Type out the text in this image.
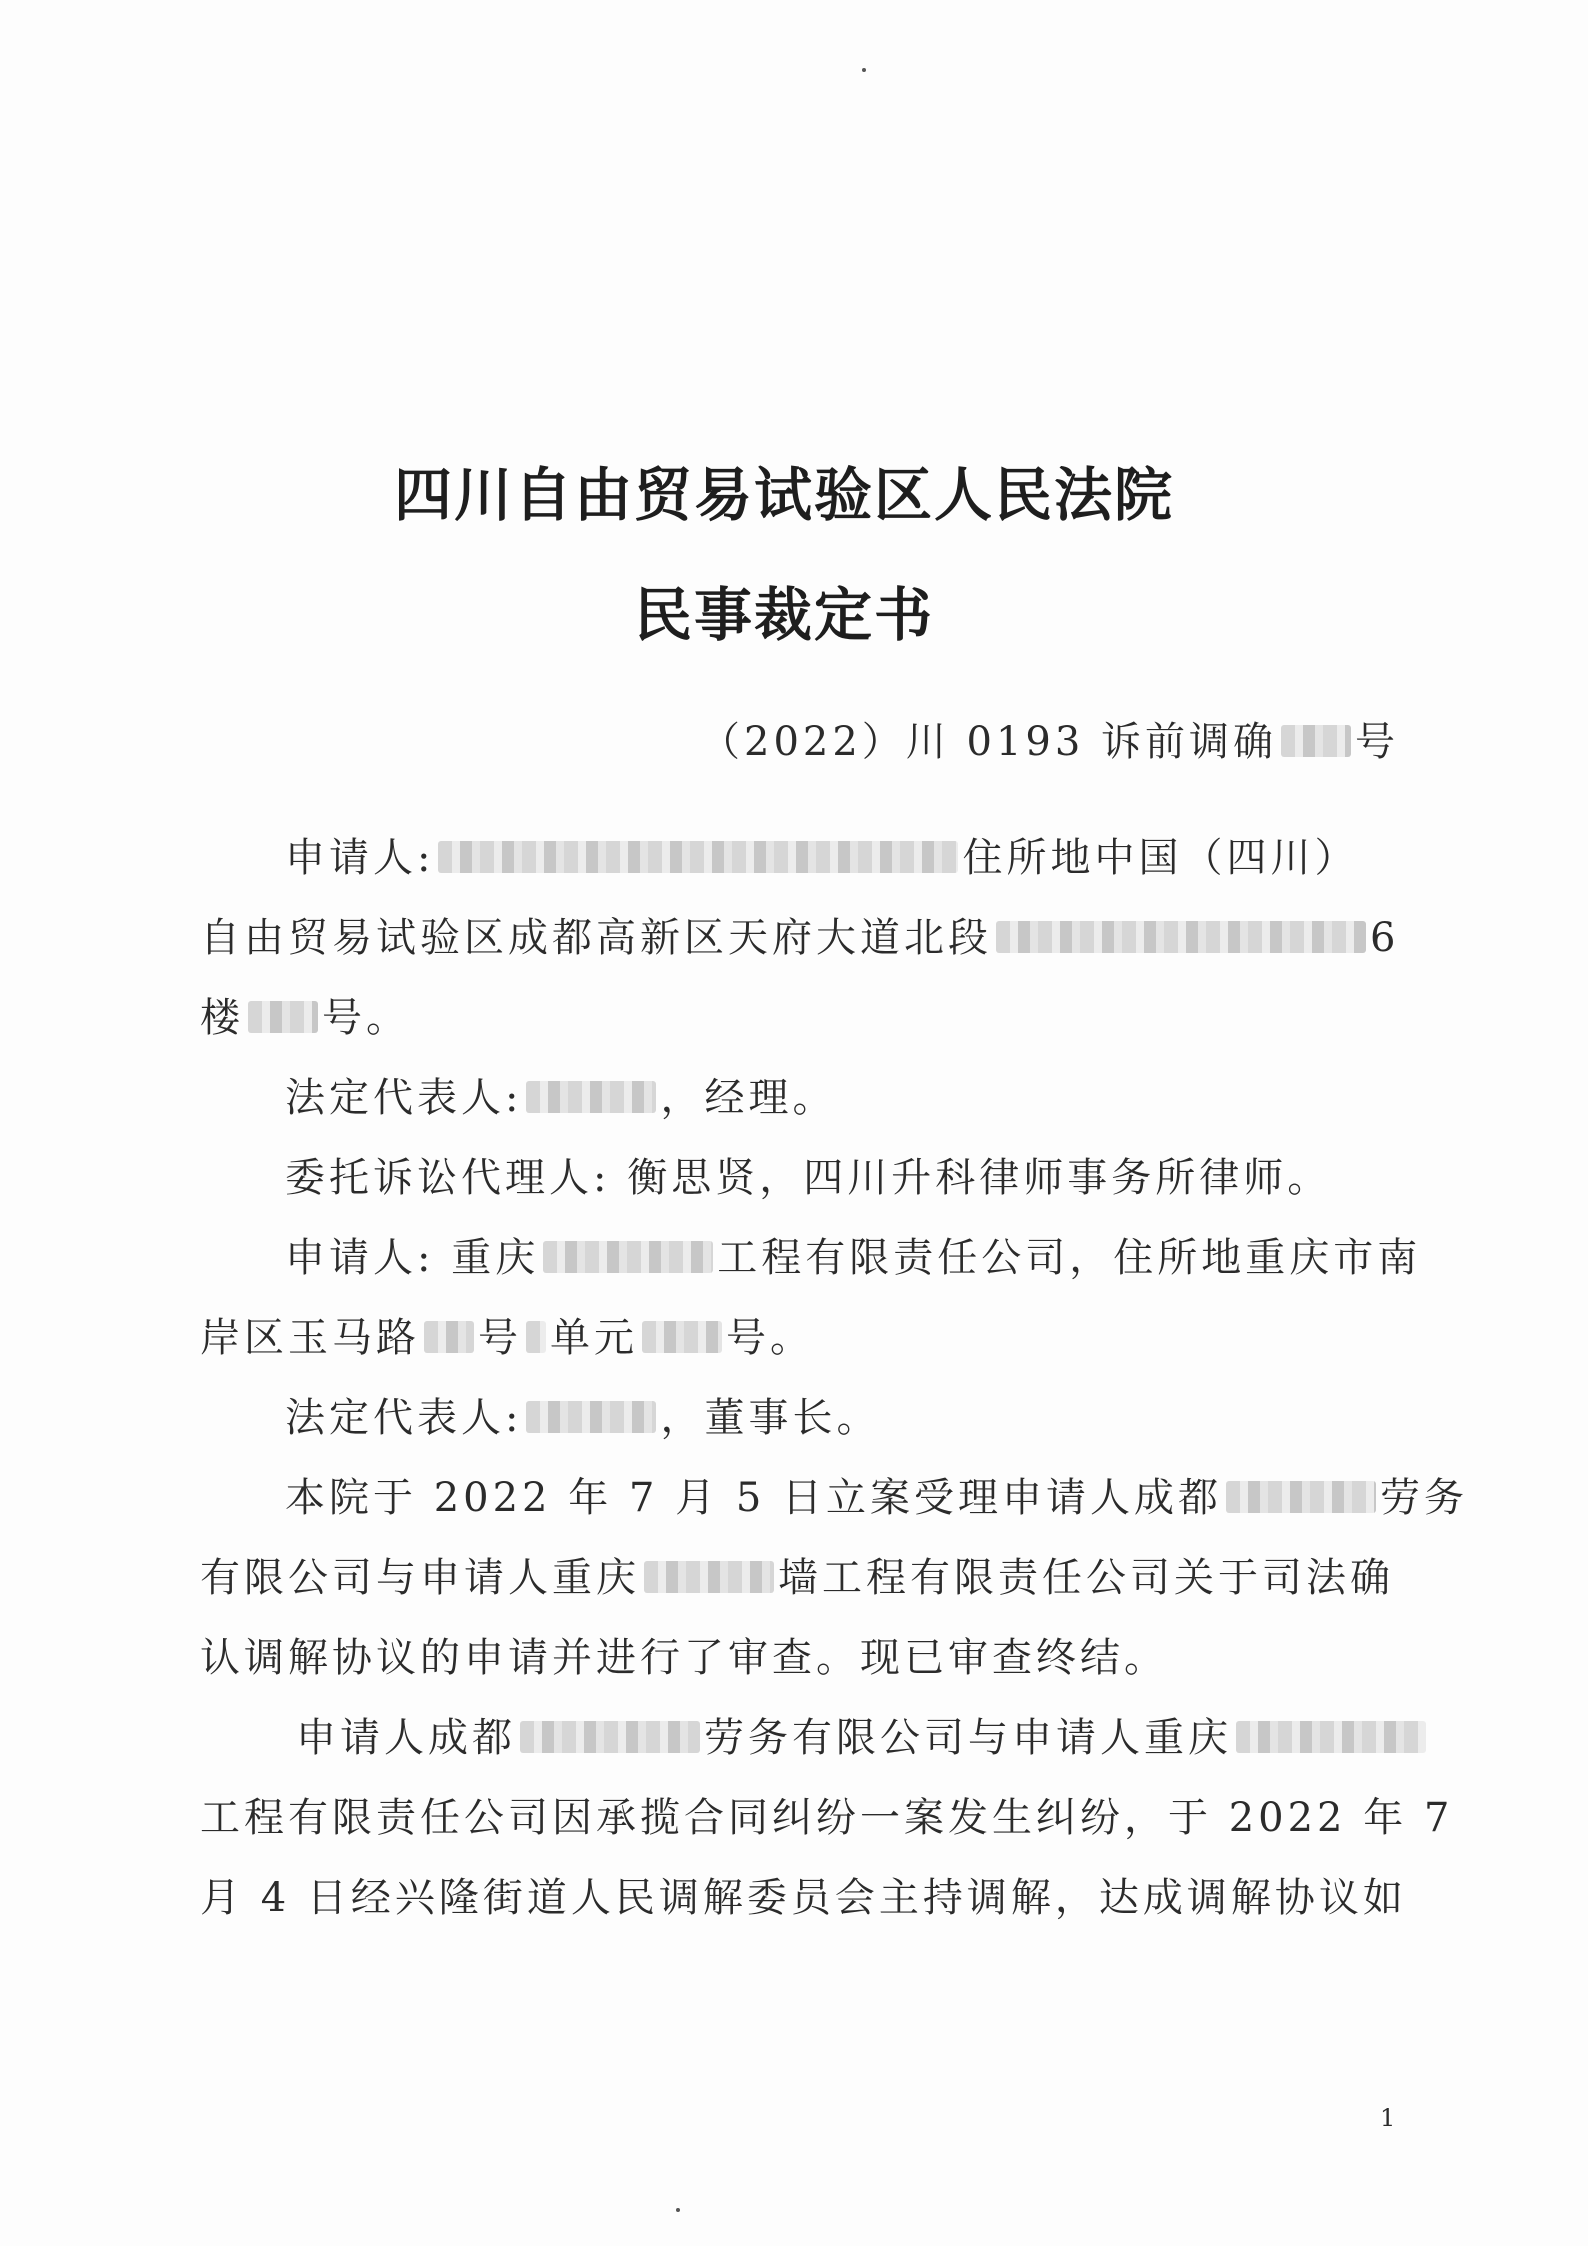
四川自由贸易试验区人民法院
民事裁定书
（2022）川 0193 诉前调确 号
申请人:	住所地中国（四川）
自由贸易试验区成都高新区天府大道北段	6
楼 号。
法定代表人:	，经理。
委托诉讼代理人: 衡思贤，四川升科律师事务所律师。
申请人: 重庆	工程有限责任公司，住所地重庆市南
岸区玉马路 号 单元 号。
法定代表人:	，董事长。
本院于 2022 年 7 月 5 日立案受理申请人成都	劳务
有限公司与申请人重庆	墙工程有限责任公司关于司法确
认调解协议的申请并进行了审查。现已审查终结。
申请人成都	劳务有限公司与申请人重庆
工程有限责任公司因承揽合同纠纷一案发生纠纷，于 2022 年 7
月 4 日经兴隆街道人民调解委员会主持调解，达成调解协议如
1
